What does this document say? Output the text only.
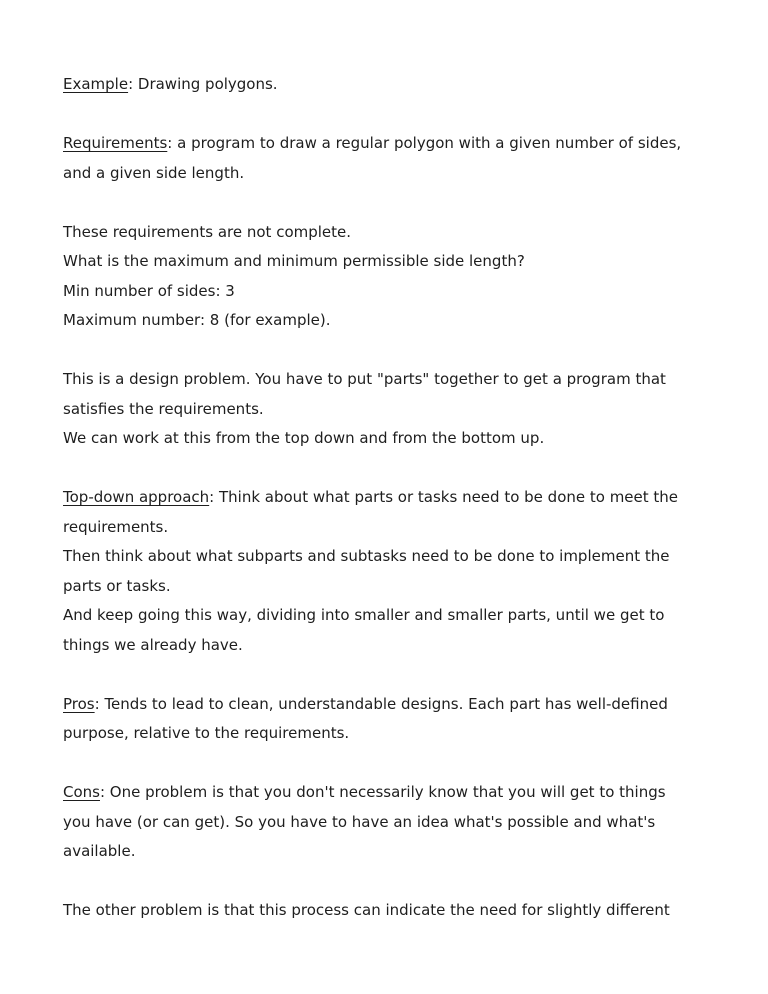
Example: Drawing polygons.

Requirements: a program to draw a regular polygon with a given number of sides,
and a given side length.

These requirements are not complete.
What is the maximum and minimum permissible side length?
Min number of sides: 3
Maximum number: 8 (for example).

This is a design problem. You have to put "parts" together to get a program that
satisfies the requirements.
We can work at this from the top down and from the bottom up.

Top-down approach: Think about what parts or tasks need to be done to meet the
requirements.
Then think about what subparts and subtasks need to be done to implement the
parts or tasks.
And keep going this way, dividing into smaller and smaller parts, until we get to
things we already have.

Pros: Tends to lead to clean, understandable designs. Each part has well-defined
purpose, relative to the requirements.

Cons: One problem is that you don't necessarily know that you will get to things
you have (or can get). So you have to have an idea what's possible and what's
available.

The other problem is that this process can indicate the need for slightly different
